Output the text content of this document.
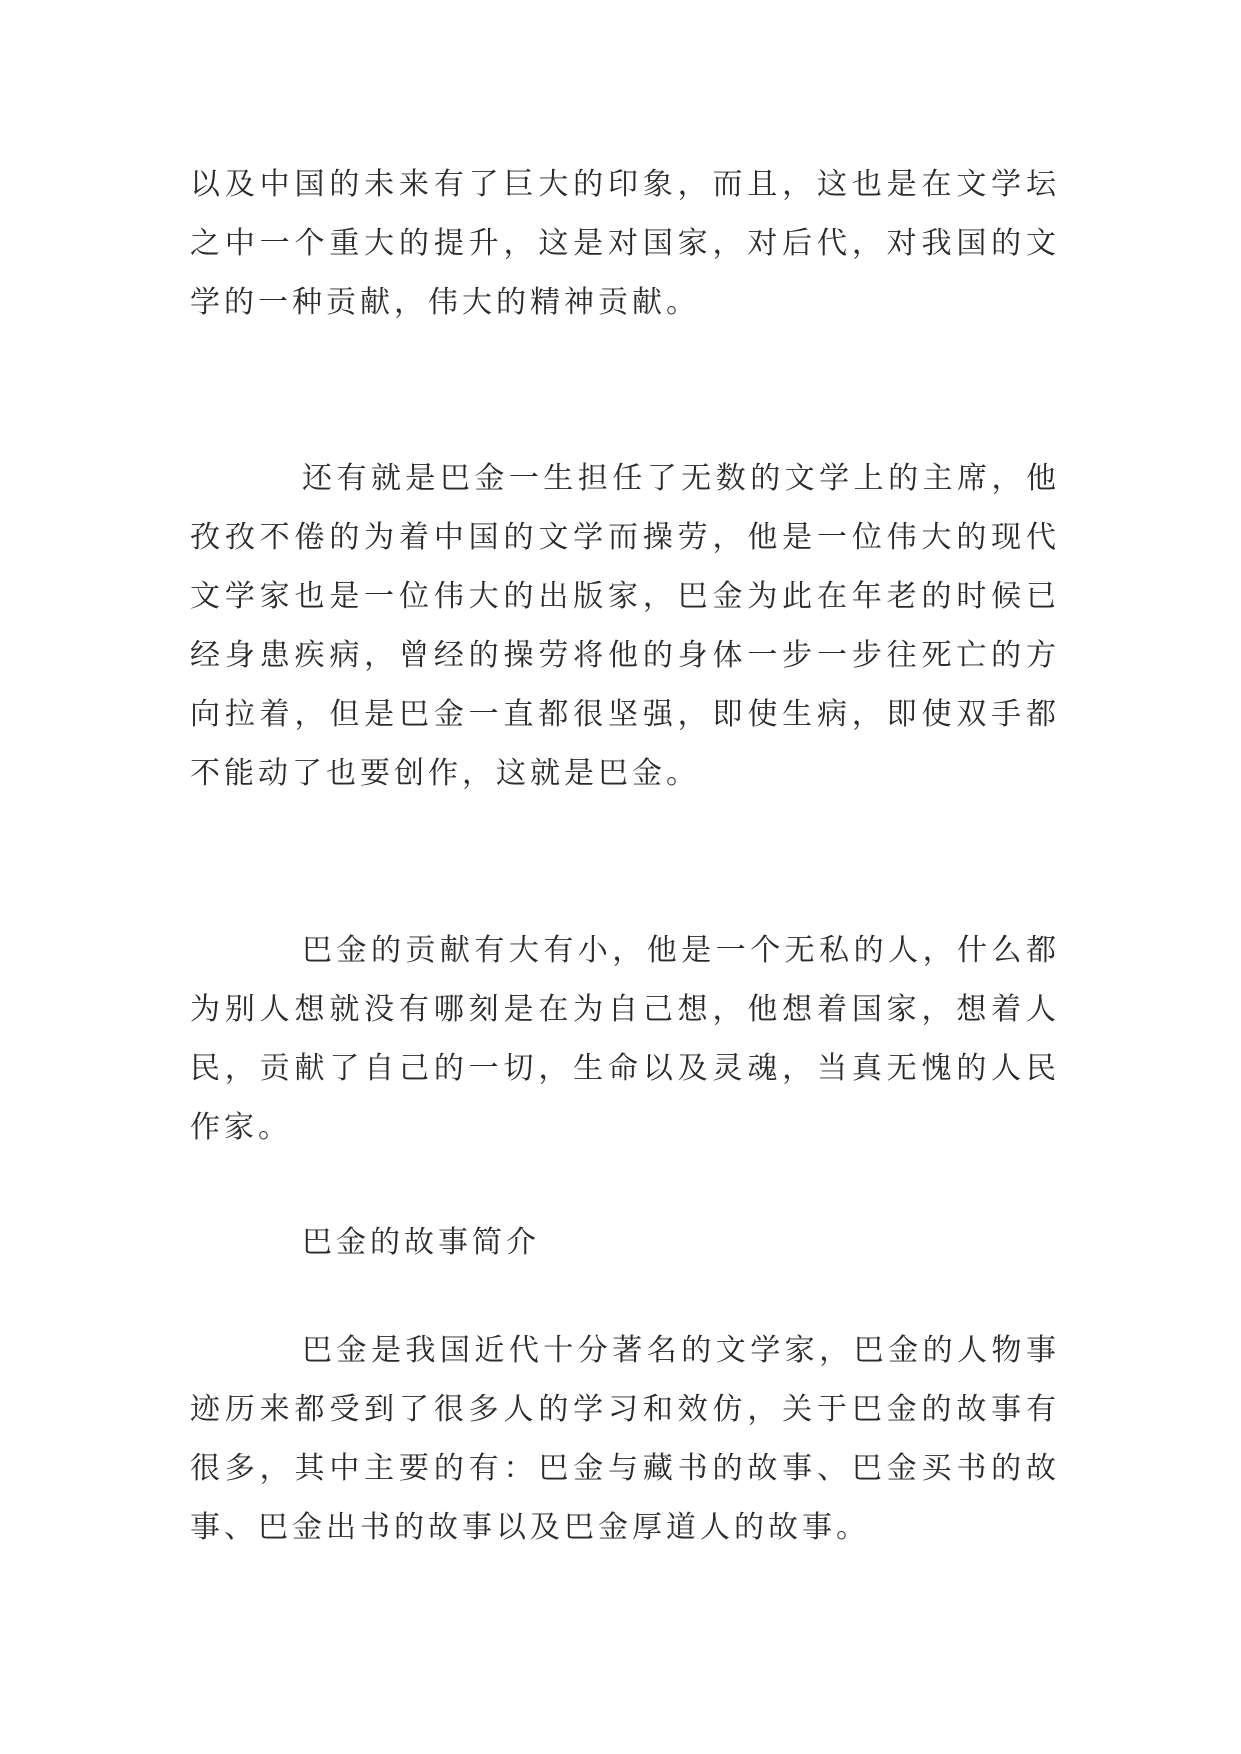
以及中国的未来有了巨大的印象，而且，这也是在文学坛之中一个重大的提升，这是对国家，对后代，对我国的文学的一种贡献，伟大的精神贡献。

还有就是巴金一生担任了无数的文学上的主席，他孜孜不倦的为着中国的文学而操劳，他是一位伟大的现代文学家也是一位伟大的出版家，巴金为此在年老的时候已经身患疾病，曾经的操劳将他的身体一步一步往死亡的方向拉着，但是巴金一直都很坚强，即使生病，即使双手都不能动了也要创作，这就是巴金。

巴金的贡献有大有小，他是一个无私的人，什么都为别人想就没有哪刻是在为自己想，他想着国家，想着人民，贡献了自己的一切，生命以及灵魂，当真无愧的人民作家。

巴金的故事简介

巴金是我国近代十分著名的文学家，巴金的人物事迹历来都受到了很多人的学习和效仿，关于巴金的故事有很多，其中主要的有：巴金与藏书的故事、巴金买书的故事、巴金出书的故事以及巴金厚道人的故事。
